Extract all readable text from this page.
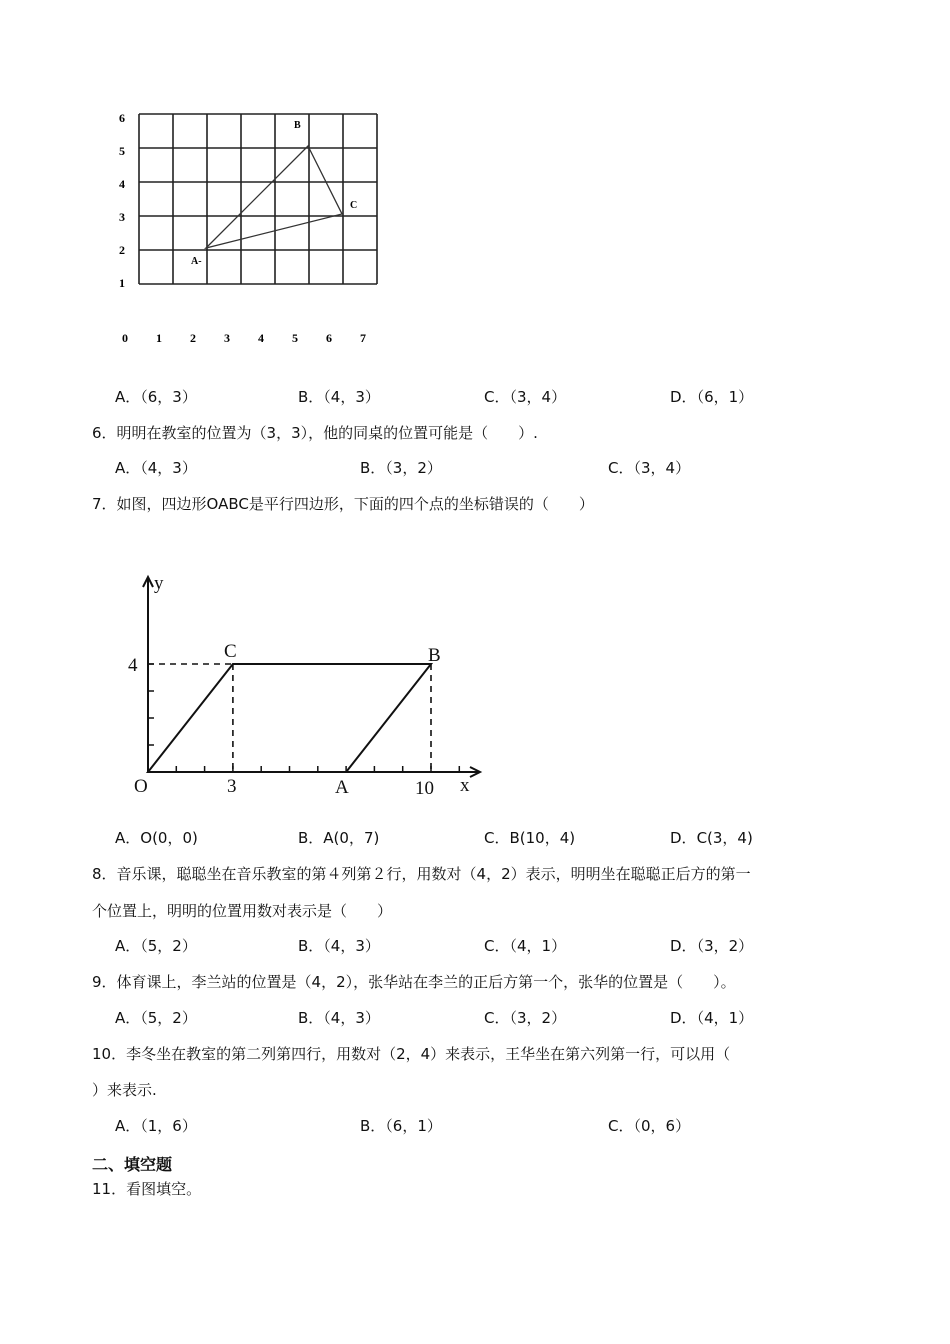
0 1 2 3 4 5 6 7
1
2
3
4
5
6
A-
B
C
A．（6，3）	B．（4，3）	C．（3，4）	D．（6，1）
6．明明在教室的位置为（3，3），他的同桌的位置可能是（　　）.
A．（4，3）	B．（3，2）	C．（3，4）
7．如图，四边形OABC是平行四边形，下面的四个点的坐标错误的（　　）
y
x
4
3	10
O	A
B
C
A．O(0，0)	B．A(0，7)	C．B(10，4)	D．C(3，4)
8．音乐课，聪聪坐在音乐教室的第４列第２行，用数对（4，2）表示，明明坐在聪聪正后方的第一
个位置上，明明的位置用数对表示是（　　）
A．（5，2）	B．（4，3）	C．（4，1）	D．（3，2）
9．体育课上，李兰站的位置是（4，2），张华站在李兰的正后方第一个，张华的位置是（　　）。
A．（5，2）	B．（4，3）	C．（3，2）	D．（4，1）
10．李冬坐在教室的第二列第四行，用数对（2，4）来表示，王华坐在第六列第一行，可以用（
）来表示.
A．（1，6）	B．（6，1）	C．（0，6）
二、填空题
11．看图填空。
